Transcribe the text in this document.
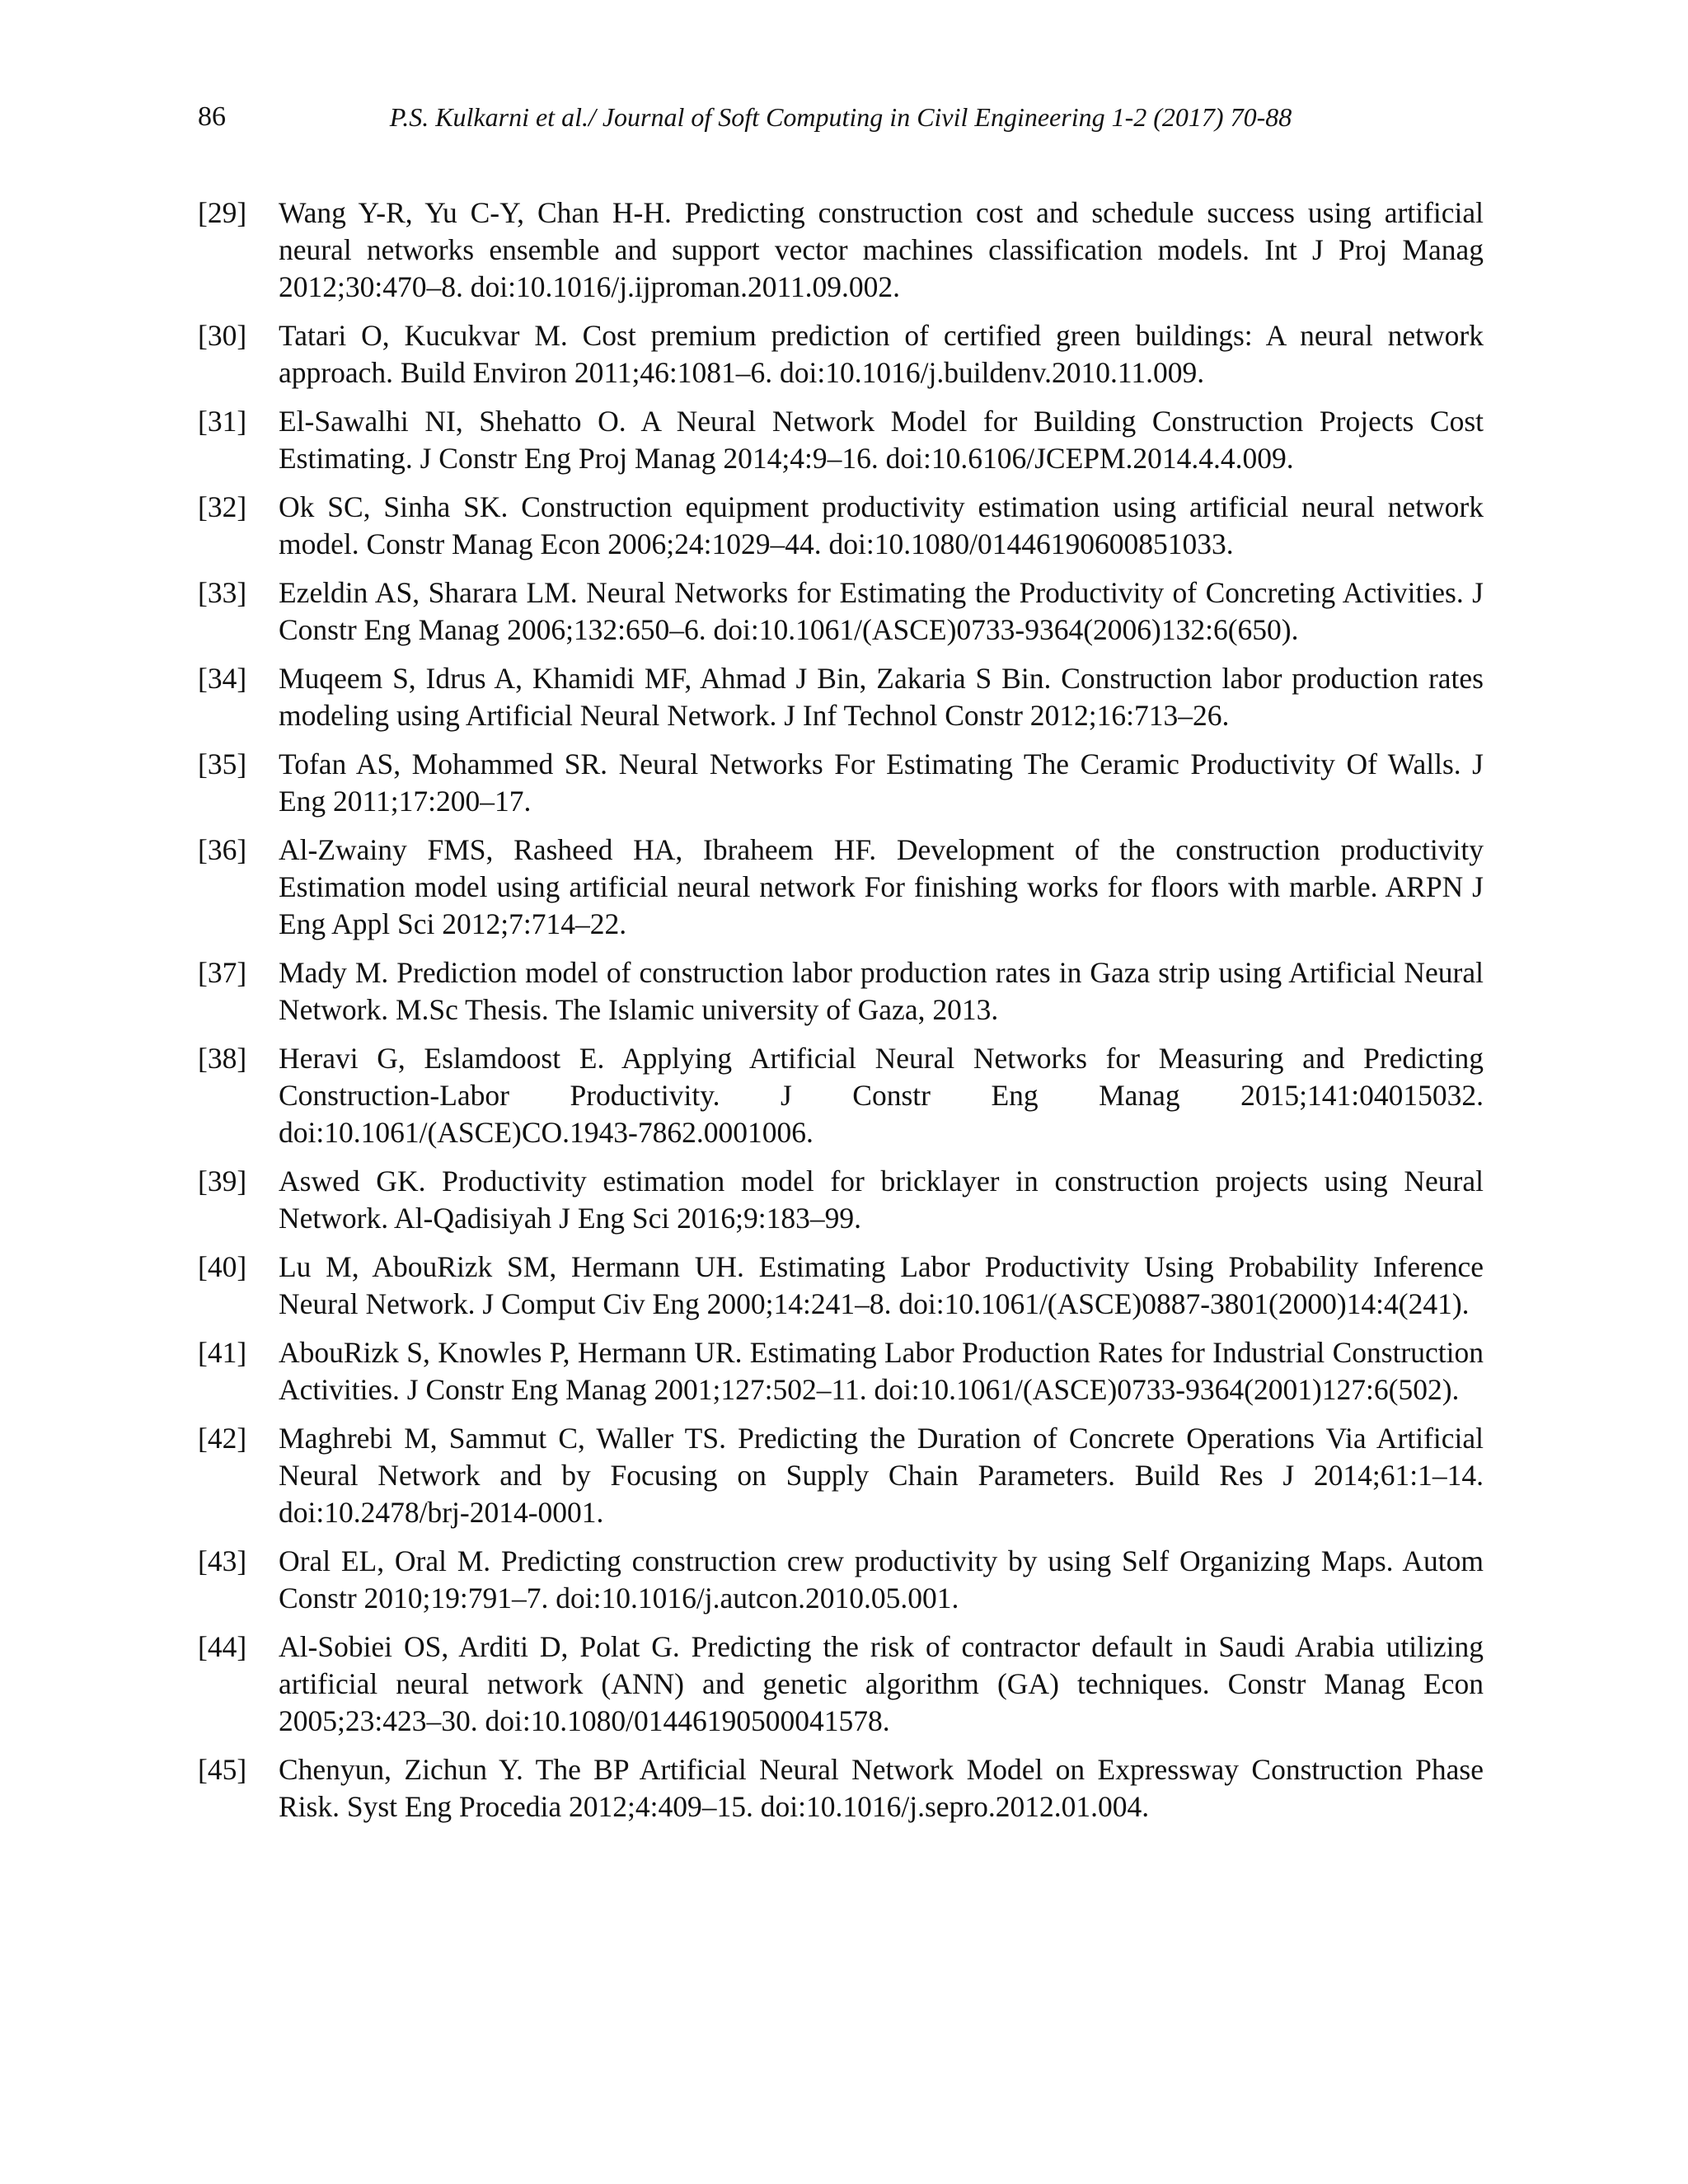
86	P.S. Kulkarni et al./ Journal of Soft Computing in Civil Engineering 1-2 (2017) 70-88
[29] Wang Y-R, Yu C-Y, Chan H-H. Predicting construction cost and schedule success using artificial neural networks ensemble and support vector machines classification models. Int J Proj Manag 2012;30:470–8. doi:10.1016/j.ijproman.2011.09.002.
[30] Tatari O, Kucukvar M. Cost premium prediction of certified green buildings: A neural network approach. Build Environ 2011;46:1081–6. doi:10.1016/j.buildenv.2010.11.009.
[31] El-Sawalhi NI, Shehatto O. A Neural Network Model for Building Construction Projects Cost Estimating. J Constr Eng Proj Manag 2014;4:9–16. doi:10.6106/JCEPM.2014.4.4.009.
[32] Ok SC, Sinha SK. Construction equipment productivity estimation using artificial neural network model. Constr Manag Econ 2006;24:1029–44. doi:10.1080/01446190600851033.
[33] Ezeldin AS, Sharara LM. Neural Networks for Estimating the Productivity of Concreting Activities. J Constr Eng Manag 2006;132:650–6. doi:10.1061/(ASCE)0733-9364(2006)132:6(650).
[34] Muqeem S, Idrus A, Khamidi MF, Ahmad J Bin, Zakaria S Bin. Construction labor production rates modeling using Artificial Neural Network. J Inf Technol Constr 2012;16:713–26.
[35] Tofan AS, Mohammed SR. Neural Networks For Estimating The Ceramic Productivity Of Walls. J Eng 2011;17:200–17.
[36] Al-Zwainy FMS, Rasheed HA, Ibraheem HF. Development of the construction productivity Estimation model using artificial neural network For finishing works for floors with marble. ARPN J Eng Appl Sci 2012;7:714–22.
[37] Mady M. Prediction model of construction labor production rates in Gaza strip using Artificial Neural Network. M.Sc Thesis. The Islamic university of Gaza, 2013.
[38] Heravi G, Eslamdoost E. Applying Artificial Neural Networks for Measuring and Predicting Construction-Labor Productivity. J Constr Eng Manag 2015;141:04015032. doi:10.1061/(ASCE)CO.1943-7862.0001006.
[39] Aswed GK. Productivity estimation model for bricklayer in construction projects using Neural Network. Al-Qadisiyah J Eng Sci 2016;9:183–99.
[40] Lu M, AbouRizk SM, Hermann UH. Estimating Labor Productivity Using Probability Inference Neural Network. J Comput Civ Eng 2000;14:241–8. doi:10.1061/(ASCE)0887-3801(2000)14:4(241).
[41] AbouRizk S, Knowles P, Hermann UR. Estimating Labor Production Rates for Industrial Construction Activities. J Constr Eng Manag 2001;127:502–11. doi:10.1061/(ASCE)0733-9364(2001)127:6(502).
[42] Maghrebi M, Sammut C, Waller TS. Predicting the Duration of Concrete Operations Via Artificial Neural Network and by Focusing on Supply Chain Parameters. Build Res J 2014;61:1–14. doi:10.2478/brj-2014-0001.
[43] Oral EL, Oral M. Predicting construction crew productivity by using Self Organizing Maps. Autom Constr 2010;19:791–7. doi:10.1016/j.autcon.2010.05.001.
[44] Al-Sobiei OS, Arditi D, Polat G. Predicting the risk of contractor default in Saudi Arabia utilizing artificial neural network (ANN) and genetic algorithm (GA) techniques. Constr Manag Econ 2005;23:423–30. doi:10.1080/01446190500041578.
[45] Chenyun, Zichun Y. The BP Artificial Neural Network Model on Expressway Construction Phase Risk. Syst Eng Procedia 2012;4:409–15. doi:10.1016/j.sepro.2012.01.004.
